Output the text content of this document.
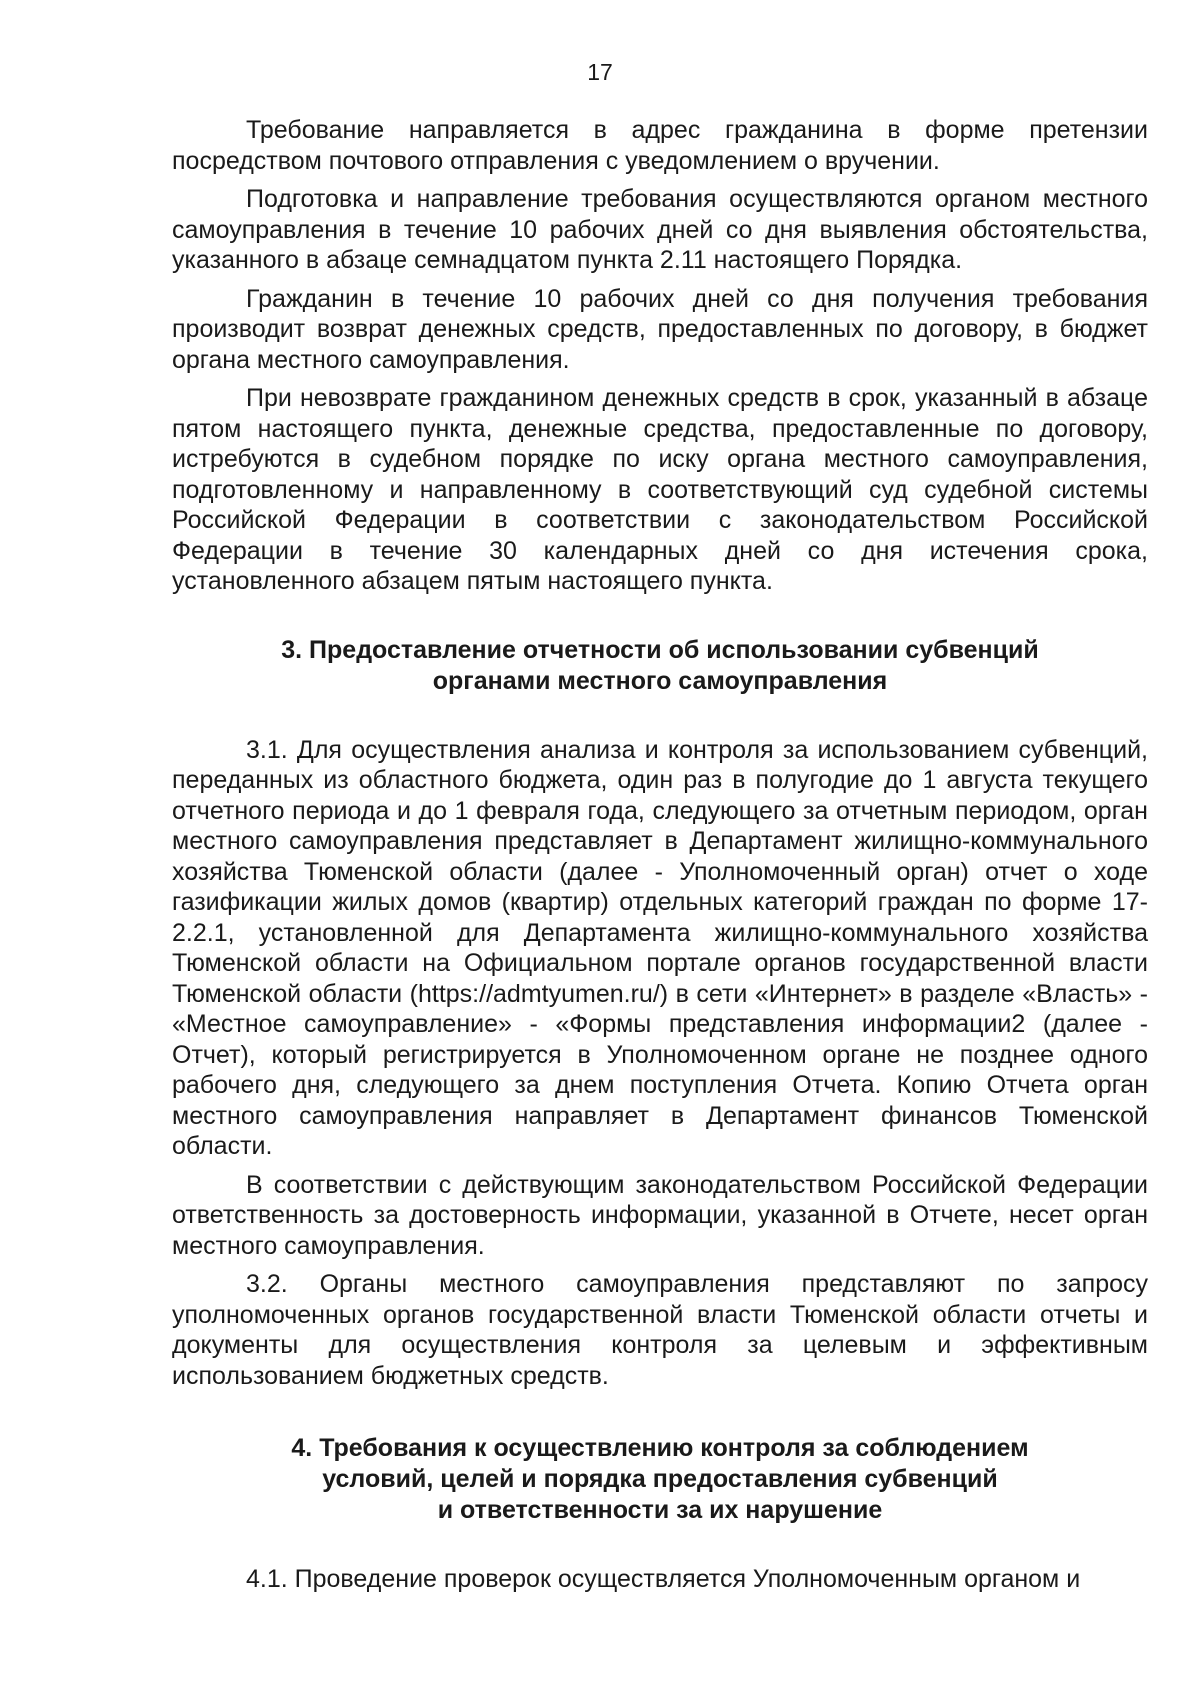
17

Требование направляется в адрес гражданина в форме претензии посредством почтового отправления с уведомлением о вручении.

Подготовка и направление требования осуществляются органом местного самоуправления в течение 10 рабочих дней со дня выявления обстоятельства, указанного в абзаце семнадцатом пункта 2.11 настоящего Порядка.

Гражданин в течение 10 рабочих дней со дня получения требования производит возврат денежных средств, предоставленных по договору, в бюджет органа местного самоуправления.

При невозврате гражданином денежных средств в срок, указанный в абзаце пятом настоящего пункта, денежные средства, предоставленные по договору, истребуются в судебном порядке по иску органа местного самоуправления, подготовленному и направленному в соответствующий суд судебной системы Российской Федерации в соответствии с законодательством Российской Федерации в течение 30 календарных дней со дня истечения срока, установленного абзацем пятым настоящего пункта.

3. Предоставление отчетности об использовании субвенций
органами местного самоуправления

3.1. Для осуществления анализа и контроля за использованием субвенций, переданных из областного бюджета, один раз в полугодие до 1 августа текущего отчетного периода и до 1 февраля года, следующего за отчетным периодом, орган местного самоуправления представляет в Департамент жилищно-коммунального хозяйства Тюменской области (далее - Уполномоченный орган) отчет о ходе газификации жилых домов (квартир) отдельных категорий граждан по форме 17-2.2.1, установленной для Департамента жилищно-коммунального хозяйства Тюменской области на Официальном портале органов государственной власти Тюменской области (https://admtyumen.ru/) в сети «Интернет» в разделе «Власть» - «Местное самоуправление» - «Формы представления информации2 (далее - Отчет), который регистрируется в Уполномоченном органе не позднее одного рабочего дня, следующего за днем поступления Отчета. Копию Отчета орган местного самоуправления направляет в Департамент финансов Тюменской области.

В соответствии с действующим законодательством Российской Федерации ответственность за достоверность информации, указанной в Отчете, несет орган местного самоуправления.

3.2. Органы местного самоуправления представляют по запросу уполномоченных органов государственной власти Тюменской области отчеты и документы для осуществления контроля за целевым и эффективным использованием бюджетных средств.

4. Требования к осуществлению контроля за соблюдением
условий, целей и порядка предоставления субвенций
и ответственности за их нарушение

4.1. Проведение проверок осуществляется Уполномоченным органом и
